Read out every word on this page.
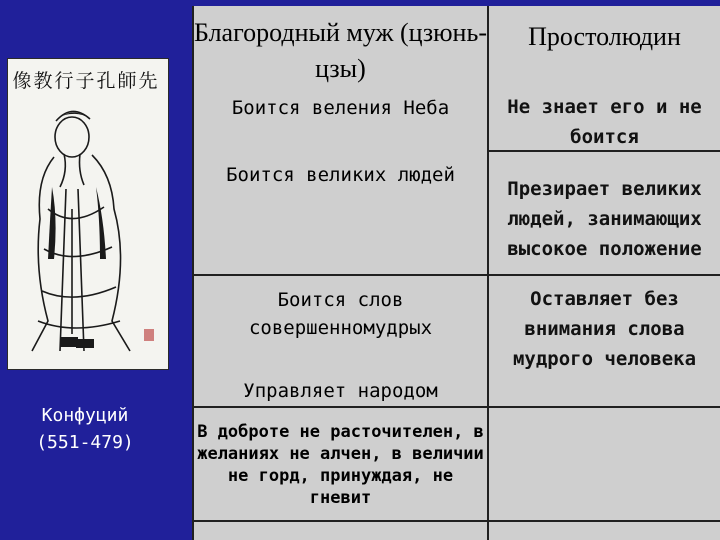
像教行子孔師先
Конфуций
(551-479)
Благородный муж (цзюнь-цзы)
Простолюдин
Боится веления Неба	Не знает его и не боится
Боится великих людей
Презирает великих людей, занимающих высокое положение
Боится слов совершенномудрых
Оставляет без внимания слова мудрого человека
Управляет народом
В доброте не расточителен, в желаниях не алчен, в величии не горд, принуждая, не гневит
